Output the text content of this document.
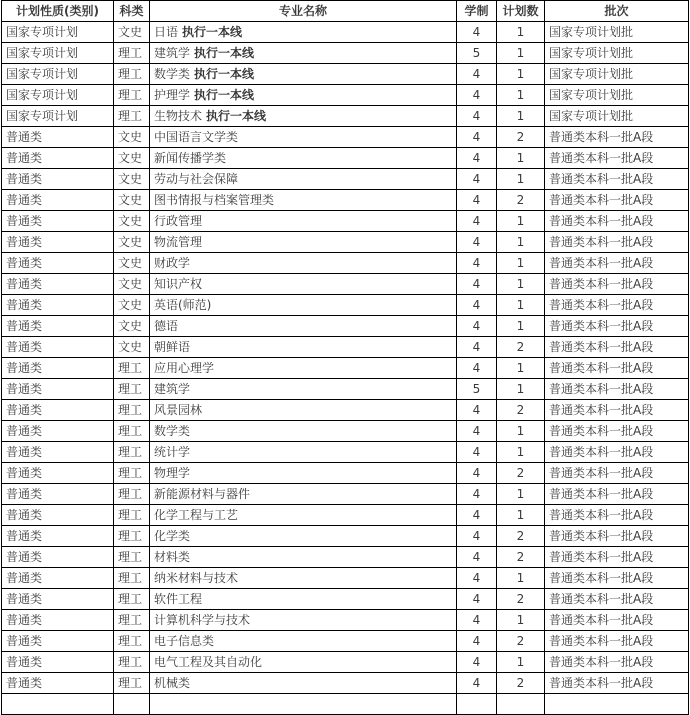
计划性质(类别)	科类	专业名称	学制	计划数	批次
国家专项计划	文史	日语 执行一本线	4	1	国家专项计划批
国家专项计划	理工	建筑学 执行一本线	5	1	国家专项计划批
国家专项计划	理工	数学类 执行一本线	4	1	国家专项计划批
国家专项计划	理工	护理学 执行一本线	4	1	国家专项计划批
国家专项计划	理工	生物技术 执行一本线	4	1	国家专项计划批
普通类	文史	中国语言文学类	4	2	普通类本科一批A段
普通类	文史	新闻传播学类	4	1	普通类本科一批A段
普通类	文史	劳动与社会保障	4	1	普通类本科一批A段
普通类	文史	图书情报与档案管理类	4	2	普通类本科一批A段
普通类	文史	行政管理	4	1	普通类本科一批A段
普通类	文史	物流管理	4	1	普通类本科一批A段
普通类	文史	财政学	4	1	普通类本科一批A段
普通类	文史	知识产权	4	1	普通类本科一批A段
普通类	文史	英语(师范)	4	1	普通类本科一批A段
普通类	文史	德语	4	1	普通类本科一批A段
普通类	文史	朝鲜语	4	2	普通类本科一批A段
普通类	理工	应用心理学	4	1	普通类本科一批A段
普通类	理工	建筑学	5	1	普通类本科一批A段
普通类	理工	风景园林	4	2	普通类本科一批A段
普通类	理工	数学类	4	1	普通类本科一批A段
普通类	理工	统计学	4	1	普通类本科一批A段
普通类	理工	物理学	4	2	普通类本科一批A段
普通类	理工	新能源材料与器件	4	1	普通类本科一批A段
普通类	理工	化学工程与工艺	4	1	普通类本科一批A段
普通类	理工	化学类	4	2	普通类本科一批A段
普通类	理工	材料类	4	2	普通类本科一批A段
普通类	理工	纳米材料与技术	4	1	普通类本科一批A段
普通类	理工	软件工程	4	2	普通类本科一批A段
普通类	理工	计算机科学与技术	4	1	普通类本科一批A段
普通类	理工	电子信息类	4	2	普通类本科一批A段
普通类	理工	电气工程及其自动化	4	1	普通类本科一批A段
普通类	理工	机械类	4	2	普通类本科一批A段
